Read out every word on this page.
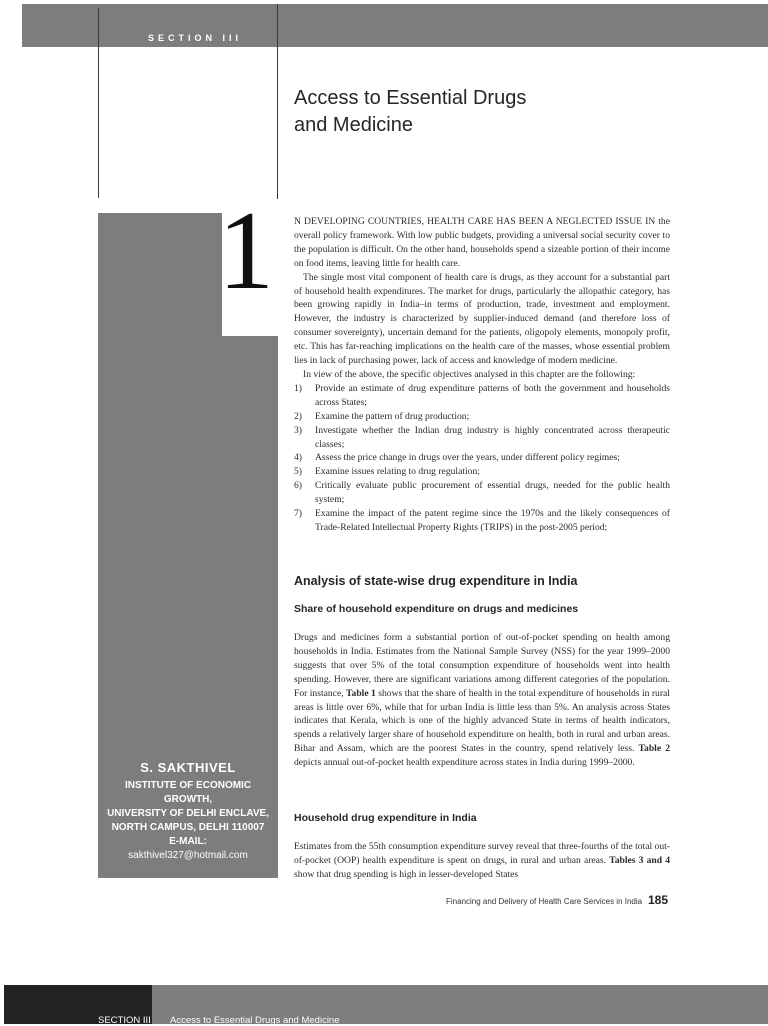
SECTION III
Access to Essential Drugs
and Medicine
1
S. SAKTHIVEL
INSTITUTE OF ECONOMIC
GROWTH,
UNIVERSITY OF DELHI ENCLAVE,
NORTH CAMPUS, DELHI 110007
E-MAIL:
sakthivel327@hotmail.com

N DEVELOPING COUNTRIES, HEALTH CARE HAS BEEN A NEGLECTED ISSUE IN the overall policy framework. With low public budgets, providing a universal social security cover to the population is difficult. On the other hand, households spend a sizeable portion of their income on food items, leaving little for health care.

The single most vital component of health care is drugs, as they account for a substantial part of household health expenditures. The market for drugs, particularly the allopathic category, has been growing rapidly in India–in terms of production, trade, investment and employment. However, the industry is characterized by supplier-induced demand (and therefore loss of consumer sovereignty), uncertain demand for the patients, oligopoly elements, monopoly profit, etc. This has far-reaching implications on the health care of the masses, whose essential problem lies in lack of purchasing power, lack of access and knowledge of modern medicine.

In view of the above, the specific objectives analysed in this chapter are the following:

1) Provide an estimate of drug expenditure patterns of both the government and households across States;
2) Examine the pattern of drug production;
3) Investigate whether the Indian drug industry is highly concentrated across therapeutic classes;
4) Assess the price change in drugs over the years, under different policy regimes;
5) Examine issues relating to drug regulation;
6) Critically evaluate public procurement of essential drugs, needed for the public health system;
7) Examine the impact of the patent regime since the 1970s and the likely consequences of Trade-Related Intellectual Property Rights (TRIPS) in the post-2005 period;
Analysis of state-wise drug expenditure in India
Share of household expenditure on drugs and medicines

Drugs and medicines form a substantial portion of out-of-pocket spending on health among households in India. Estimates from the National Sample Survey (NSS) for the year 1999–2000 suggests that over 5% of the total consumption expenditure of households went into health spending. However, there are significant variations among different categories of the population. For instance, Table 1 shows that the share of health in the total expenditure of households in rural areas is little over 6%, while that for urban India is little less than 5%. An analysis across States indicates that Kerala, which is one of the highly advanced State in terms of health indicators, spends a relatively larger share of household expenditure on health, both in rural and urban areas. Bihar and Assam, which are the poorest States in the country, spend relatively less. Table 2 depicts annual out-of-pocket health expenditure across states in India during 1999–2000.

Household drug expenditure in India

Estimates from the 55th consumption expenditure survey reveal that three-fourths of the total out-of-pocket (OOP) health expenditure is spent on drugs, in rural and urban areas. Tables 3 and 4 show that drug spending is high in lesser-developed States

Financing and Delivery of Health Care Services in India 185
SECTION III Access to Essential Drugs and Medicine
